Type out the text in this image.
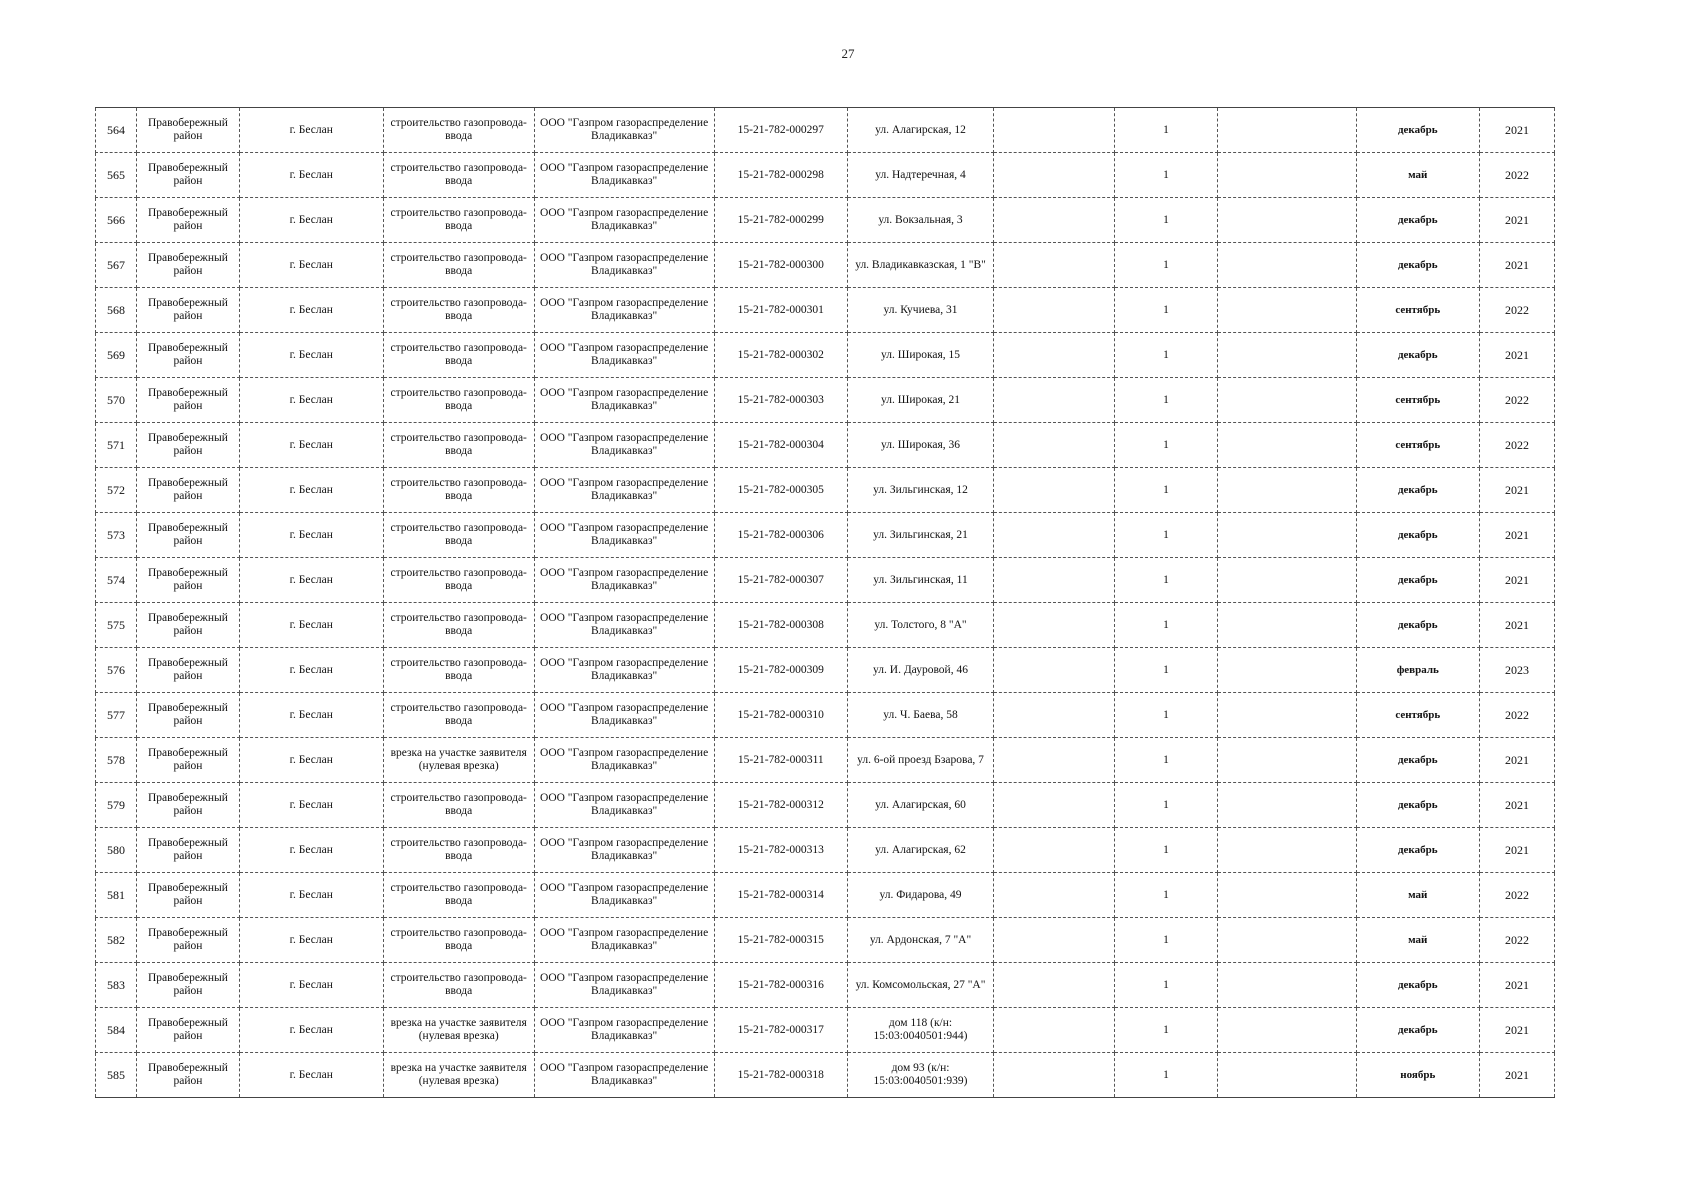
27
564	Правобережный район	г. Беслан	строительство газопровода-ввода	ООО "Газпром газораспределение Владикавказ"	15-21-782-000297	ул. Алагирская, 12		1		декабрь	2021
565	Правобережный район	г. Беслан	строительство газопровода-ввода	ООО "Газпром газораспределение Владикавказ"	15-21-782-000298	ул. Надтеречная, 4		1		май	2022
566	Правобережный район	г. Беслан	строительство газопровода-ввода	ООО "Газпром газораспределение Владикавказ"	15-21-782-000299	ул. Вокзальная, 3		1		декабрь	2021
567	Правобережный район	г. Беслан	строительство газопровода-ввода	ООО "Газпром газораспределение Владикавказ"	15-21-782-000300	ул. Владикавказская, 1 "В"		1		декабрь	2021
568	Правобережный район	г. Беслан	строительство газопровода-ввода	ООО "Газпром газораспределение Владикавказ"	15-21-782-000301	ул. Кучиева, 31		1		сентябрь	2022
569	Правобережный район	г. Беслан	строительство газопровода-ввода	ООО "Газпром газораспределение Владикавказ"	15-21-782-000302	ул. Широкая, 15		1		декабрь	2021
570	Правобережный район	г. Беслан	строительство газопровода-ввода	ООО "Газпром газораспределение Владикавказ"	15-21-782-000303	ул. Широкая, 21		1		сентябрь	2022
571	Правобережный район	г. Беслан	строительство газопровода-ввода	ООО "Газпром газораспределение Владикавказ"	15-21-782-000304	ул. Широкая, 36		1		сентябрь	2022
572	Правобережный район	г. Беслан	строительство газопровода-ввода	ООО "Газпром газораспределение Владикавказ"	15-21-782-000305	ул. Зильгинская, 12		1		декабрь	2021
573	Правобережный район	г. Беслан	строительство газопровода-ввода	ООО "Газпром газораспределение Владикавказ"	15-21-782-000306	ул. Зильгинская, 21		1		декабрь	2021
574	Правобережный район	г. Беслан	строительство газопровода-ввода	ООО "Газпром газораспределение Владикавказ"	15-21-782-000307	ул. Зильгинская, 11		1		декабрь	2021
575	Правобережный район	г. Беслан	строительство газопровода-ввода	ООО "Газпром газораспределение Владикавказ"	15-21-782-000308	ул. Толстого, 8 "А"		1		декабрь	2021
576	Правобережный район	г. Беслан	строительство газопровода-ввода	ООО "Газпром газораспределение Владикавказ"	15-21-782-000309	ул. И. Дауровой, 46		1		февраль	2023
577	Правобережный район	г. Беслан	строительство газопровода-ввода	ООО "Газпром газораспределение Владикавказ"	15-21-782-000310	ул. Ч. Баева, 58		1		сентябрь	2022
578	Правобережный район	г. Беслан	врезка на участке заявителя (нулевая врезка)	ООО "Газпром газораспределение Владикавказ"	15-21-782-000311	ул. 6-ой проезд Бзарова, 7		1		декабрь	2021
579	Правобережный район	г. Беслан	строительство газопровода-ввода	ООО "Газпром газораспределение Владикавказ"	15-21-782-000312	ул. Алагирская, 60		1		декабрь	2021
580	Правобережный район	г. Беслан	строительство газопровода-ввода	ООО "Газпром газораспределение Владикавказ"	15-21-782-000313	ул. Алагирская, 62		1		декабрь	2021
581	Правобережный район	г. Беслан	строительство газопровода-ввода	ООО "Газпром газораспределение Владикавказ"	15-21-782-000314	ул. Фидарова, 49		1		май	2022
582	Правобережный район	г. Беслан	строительство газопровода-ввода	ООО "Газпром газораспределение Владикавказ"	15-21-782-000315	ул. Ардонская, 7 "А"		1		май	2022
583	Правобережный район	г. Беслан	строительство газопровода-ввода	ООО "Газпром газораспределение Владикавказ"	15-21-782-000316	ул. Комсомольская, 27 "А"		1		декабрь	2021
584	Правобережный район	г. Беслан	врезка на участке заявителя (нулевая врезка)	ООО "Газпром газораспределение Владикавказ"	15-21-782-000317	дом 118 (к/н: 15:03:0040501:944)		1		декабрь	2021
585	Правобережный район	г. Беслан	врезка на участке заявителя (нулевая врезка)	ООО "Газпром газораспределение Владикавказ"	15-21-782-000318	дом 93 (к/н: 15:03:0040501:939)		1		ноябрь	2021
